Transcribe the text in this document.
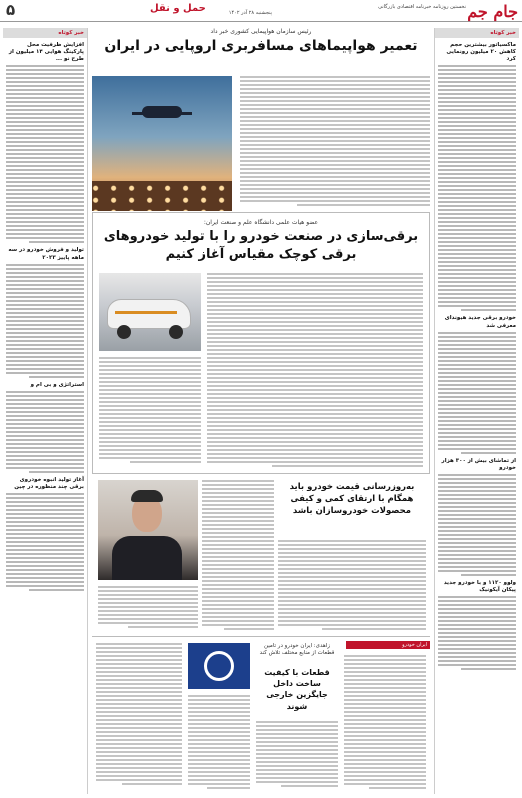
جام جم
نخستین روزنامه خبرنامه اقتصادی بازرگانی
پنجشنبه ۲۸ آذر ۱۴۰۲
حمل و نقل
۵
خبر کوتاه
ماکسیاتور بیشترین حجم کاهش ۲۰ میلیون رونمایی کرد
خودرو برقی جدید هیوندای معرفی شد
از تماشای بیش از ۳۰۰ هزار خودرو
ولوو ۱۱۲۰ و با خودرو جدید پیکان آیکونیک
خبر کوتاه
افزایش ظرفیت محل پارکینگ هوایی ۱۴ میلیون از طرح نو ...
تولید و فروش خودرو در سه ماهه پاییز ۲۰۲۳
استراتژی و بی ام و
آغاز تولید انبوه خودروی برقی چند منظوره در چین
رئیس سازمان هواپیمایی کشوری خبر داد
تعمیر هواپیماهای مسافربری اروپایی در ایران
عضو هیات علمی دانشگاه علم و صنعت ایران:
برقی‌سازی در صنعت خودرو را با تولید خودروهای برقی کوچک مقیاس آغاز کنیم
به‌روزرسانی قیمت خودرو باید همگام با ارتقای کمی و کیفی محصولات خودروسازان باشد
ایران خودرو
زاهدی: ایران خودرو در تامین قطعات از منابع مختلف تلاش کند
قطعات با کیفیت ساخت داخل جایگزین خارجی شوند
